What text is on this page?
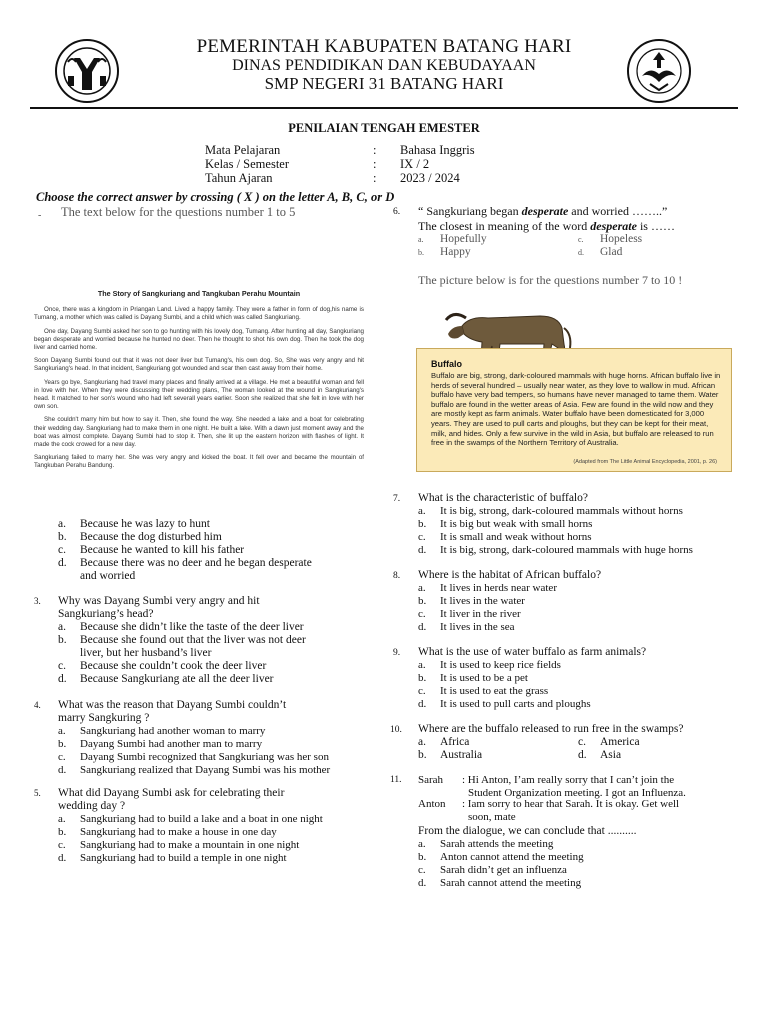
PEMERINTAH KABUPATEN BATANG HARI
DINAS PENDIDIKAN DAN KEBUDAYAAN
SMP NEGERI 31 BATANG HARI
PENILAIAN TENGAH EMESTER
Mata Pelajaran	: Bahasa Inggris
Kelas / Semester	: IX / 2
Tahun Ajaran	: 2023 / 2024
Choose the correct answer by crossing ( X ) on the letter A, B, C, or D
- The text below for the questions number 1 to 5

The Story of Sangkuriang and Tangkuban Perahu Mountain

Once, there was a kingdom in Priangan Land. Lived a happy family. They were a father in form of dog,his name is Tumang, a mother which was called is Dayang Sumbi, and a child which was called Sangkuriang.

One day, Dayang Sumbi asked her son to go hunting with his lovely dog, Tumang. After hunting all day, Sangkuriang began desperate and worried because he hunted no deer. Then he thought to shot his own dog. Then he took the dog liver and carried home.

Soon Dayang Sumbi found out that it was not deer liver but Tumang's, his own dog. So, She was very angry and hit Sangkuriang's head. In that incident, Sangkuriang got wounded and scar then cast away from their home.

Years go bye, Sangkuriang had travel many places and finally arrived at a village. He met a beautiful woman and fell in love with her. When they were discussing their wedding plans, The woman looked at the wound in Sangkuriang's head. It matched to her son's wound who had left severall years earlier. Soon she realized that she felt in love with her own son.

She couldn't marry him but how to say it. Then, she found the way. She needed a lake and a boat for celebrating their wedding day. Sangkuriang had to make them in one night. He built a lake. With a dawn just moment away and the boat was almost complete. Dayang Sumbi had to stop it. Then, she lit up the eastern horizon with flashes of light. It made the cock crowed for a new day.

Sangkuriang failed to marry her. She was very angry and kicked the boat. It fell over and became the mountain of Tangkuban Perahu Bandung.

a. Because he was lazy to hunt
b. Because the dog disturbed him
c. Because he wanted to kill his father
d. Because there was no deer and he began desperate
and worried
3. Why was Dayang Sumbi very angry and hit
Sangkuriang’s head?
a. Because she didn’t like the taste of the deer liver
b. Because she found out that the liver was not deer
liver, but her husband’s liver
c. Because she couldn’t cook the deer liver
d. Because Sangkuriang ate all the deer liver
4. What was the reason that Dayang Sumbi couldn’t
marry Sangkuring ?
a. Sangkuriang had another woman to marry
b. Dayang Sumbi had another man to marry
c. Dayang Sumbi recognized that Sangkuriang was her son
d. Sangkuriang realized that Dayang Sumbi was his mother
5. What did Dayang Sumbi ask for celebrating their
wedding day ?
a. Sangkuriang had to build a lake and a boat in one night
b. Sangkuriang had to make a house in one day
c. Sangkuriang had to make a mountain in one night
d. Sangkuriang had to build a temple in one night
6. “ Sangkuriang began desperate and worried ……..”
The closest in meaning of the word desperate is ……
a. Hopefully	c. Hopeless
b. Happy	d. Glad
The picture below is for the questions number 7 to 10 !
Buffalo
Buffalo are big, strong, dark-coloured mammals with huge horns. African buffalo live in herds of several hundred – usually near water, as they love to wallow in mud. African buffalo have very bad tempers, so humans have never managed to tame them. Water buffalo are found in the wetter areas of Asia. Few are found in the wild now and they are mostly kept as farm animals. Water buffalo have been domesticated for 3,000 years. They are used to pull carts and ploughs, but they can be kept for their meat, milk, and hides. Only a few survive in the wild in Asia, but buffalo are released to run free in the swamps of the Northern Territory of Australia.
(Adapted from The Little Animal Encyclopedia, 2001, p. 26)
7. What is the characteristic of buffalo?
a. It is big, strong, dark-coloured mammals without horns
b. It is big but weak with small horns
c. It is small and weak without horns
d. It is big, strong, dark-coloured mammals with huge horns
8. Where is the habitat of African buffalo?
a. It lives in herds near water
b. It lives in the water
c. It liver in the river
d. It lives in the sea
9. What is the use of water buffalo as farm animals?
a. It is used to keep rice fields
b. It is used to be a pet
c. It is used to eat the grass
d. It is used to pull carts and ploughs
10. Where are the buffalo released to run free in the swamps?
a. Africa	c. America
b. Australia	d. Asia
11. Sarah : Hi Anton, I’am really sorry that I can’t join the
Student Organization meeting. I got an Influenza.
Anton : Iam sorry to hear that Sarah. It is okay. Get well
soon, mate
From the dialogue, we can conclude that ..........
a. Sarah attends the meeting
b. Anton cannot attend the meeting
c. Sarah didn’t get an influenza
d. Sarah cannot attend the meeting
